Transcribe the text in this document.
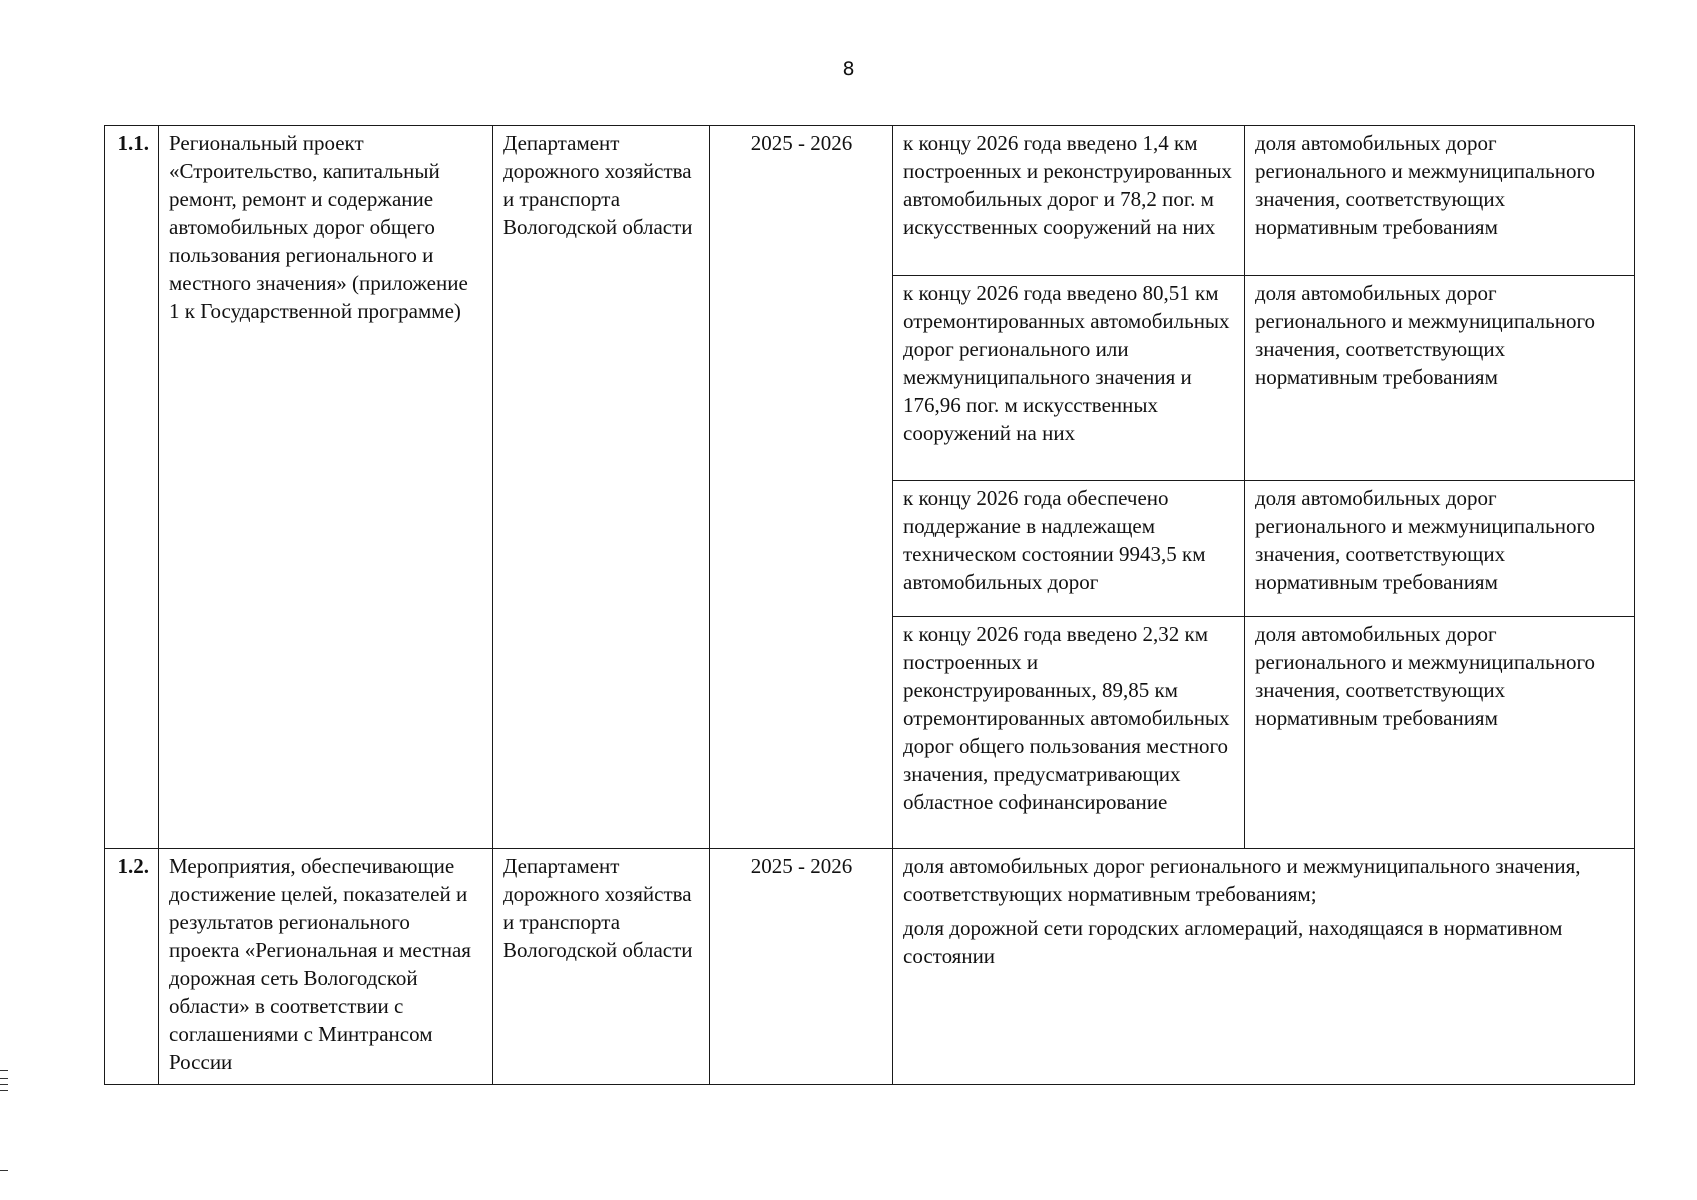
8
1.1.	Региональный проект «Строительство, капитальный ремонт, ремонт и содержание автомобильных дорог общего пользования регионального и местного значения» (приложение 1 к Государственной программе)	Департамент дорожного хозяйства и транспорта Вологодской области	2025 - 2026	к концу 2026 года введено 1,4 км построенных и реконструированных автомобильных дорог и 78,2 пог. м искусственных сооружений на них	доля автомобильных дорог регионального и межмуниципального значения, соответствующих нормативным требованиям
				к концу 2026 года введено 80,51 км отремонтированных автомобильных дорог регионального или межмуниципального значения и 176,96 пог. м искусственных сооружений на них	доля автомобильных дорог регионального и межмуниципального значения, соответствующих нормативным требованиям
				к концу 2026 года обеспечено поддержание в надлежащем техническом состоянии 9943,5 км автомобильных дорог	доля автомобильных дорог регионального и межмуниципального значения, соответствующих нормативным требованиям
				к концу 2026 года введено 2,32 км построенных и реконструированных, 89,85 км отремонтированных автомобильных дорог общего пользования местного значения, предусматривающих областное софинансирование	доля автомобильных дорог регионального и межмуниципального значения, соответствующих нормативным требованиям
1.2.	Мероприятия, обеспечивающие достижение целей, показателей и результатов регионального проекта «Региональная и местная дорожная сеть Вологодской области» в соответствии с соглашениями с Минтрансом России	Департамент дорожного хозяйства и транспорта Вологодской области	2025 - 2026	доля автомобильных дорог регионального и межмуниципального значения, соответствующих нормативным требованиям;
доля дорожной сети городских агломераций, находящаяся в нормативном состоянии	
